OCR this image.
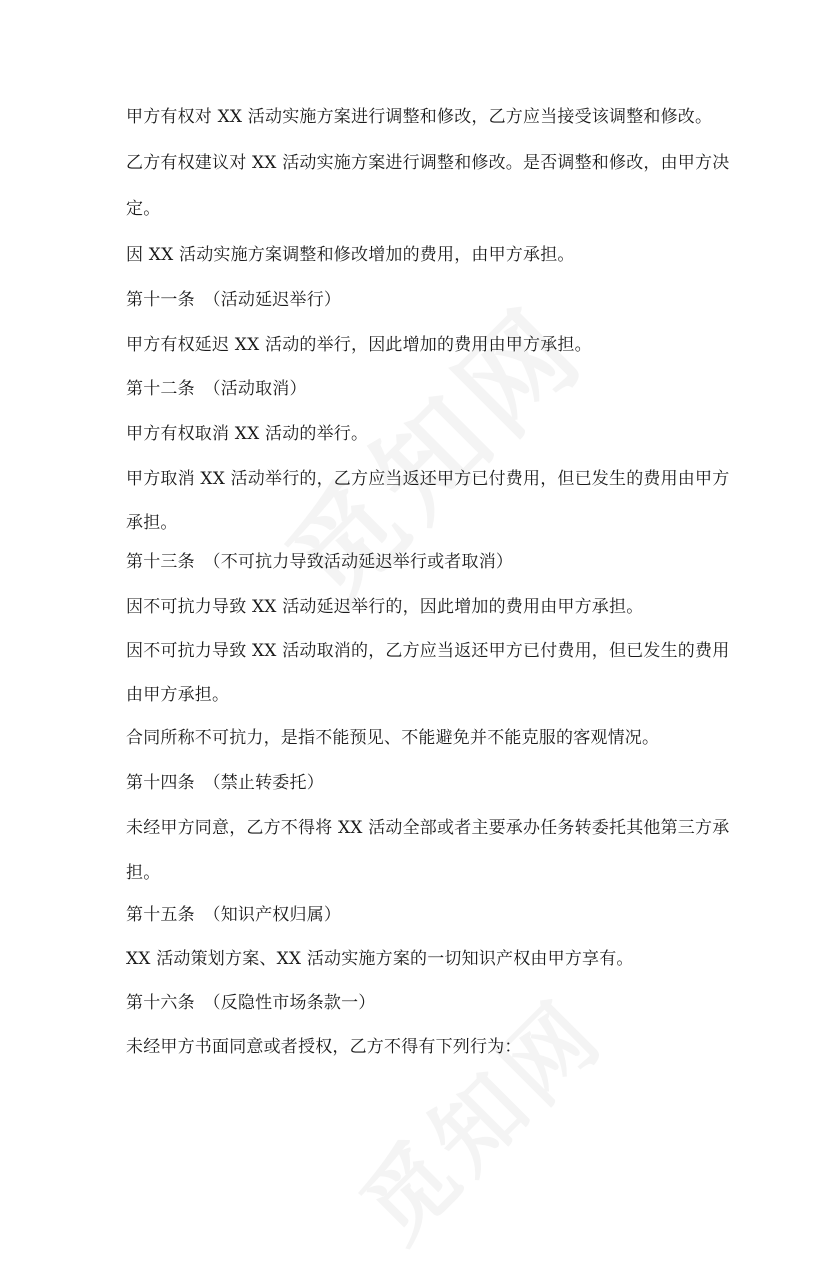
甲方有权对 XX 活动实施方案进行调整和修改，乙方应当接受该调整和修改。
乙方有权建议对 XX 活动实施方案进行调整和修改。是否调整和修改，由甲方决
定。
因 XX 活动实施方案调整和修改增加的费用，由甲方承担。
第十一条　（活动延迟举行）
甲方有权延迟 XX 活动的举行，因此增加的费用由甲方承担。
第十二条　（活动取消）
甲方有权取消 XX 活动的举行。
甲方取消 XX 活动举行的，乙方应当返还甲方已付费用，但已发生的费用由甲方
承担。
第十三条　（不可抗力导致活动延迟举行或者取消）
因不可抗力导致 XX 活动延迟举行的，因此增加的费用由甲方承担。
因不可抗力导致 XX 活动取消的，乙方应当返还甲方已付费用，但已发生的费用
由甲方承担。
合同所称不可抗力，是指不能预见、不能避免并不能克服的客观情况。
第十四条　（禁止转委托）
未经甲方同意，乙方不得将 XX 活动全部或者主要承办任务转委托其他第三方承
担。
第十五条　（知识产权归属）
XX 活动策划方案、XX 活动实施方案的一切知识产权由甲方享有。
第十六条　（反隐性市场条款一）
未经甲方书面同意或者授权，乙方不得有下列行为：
